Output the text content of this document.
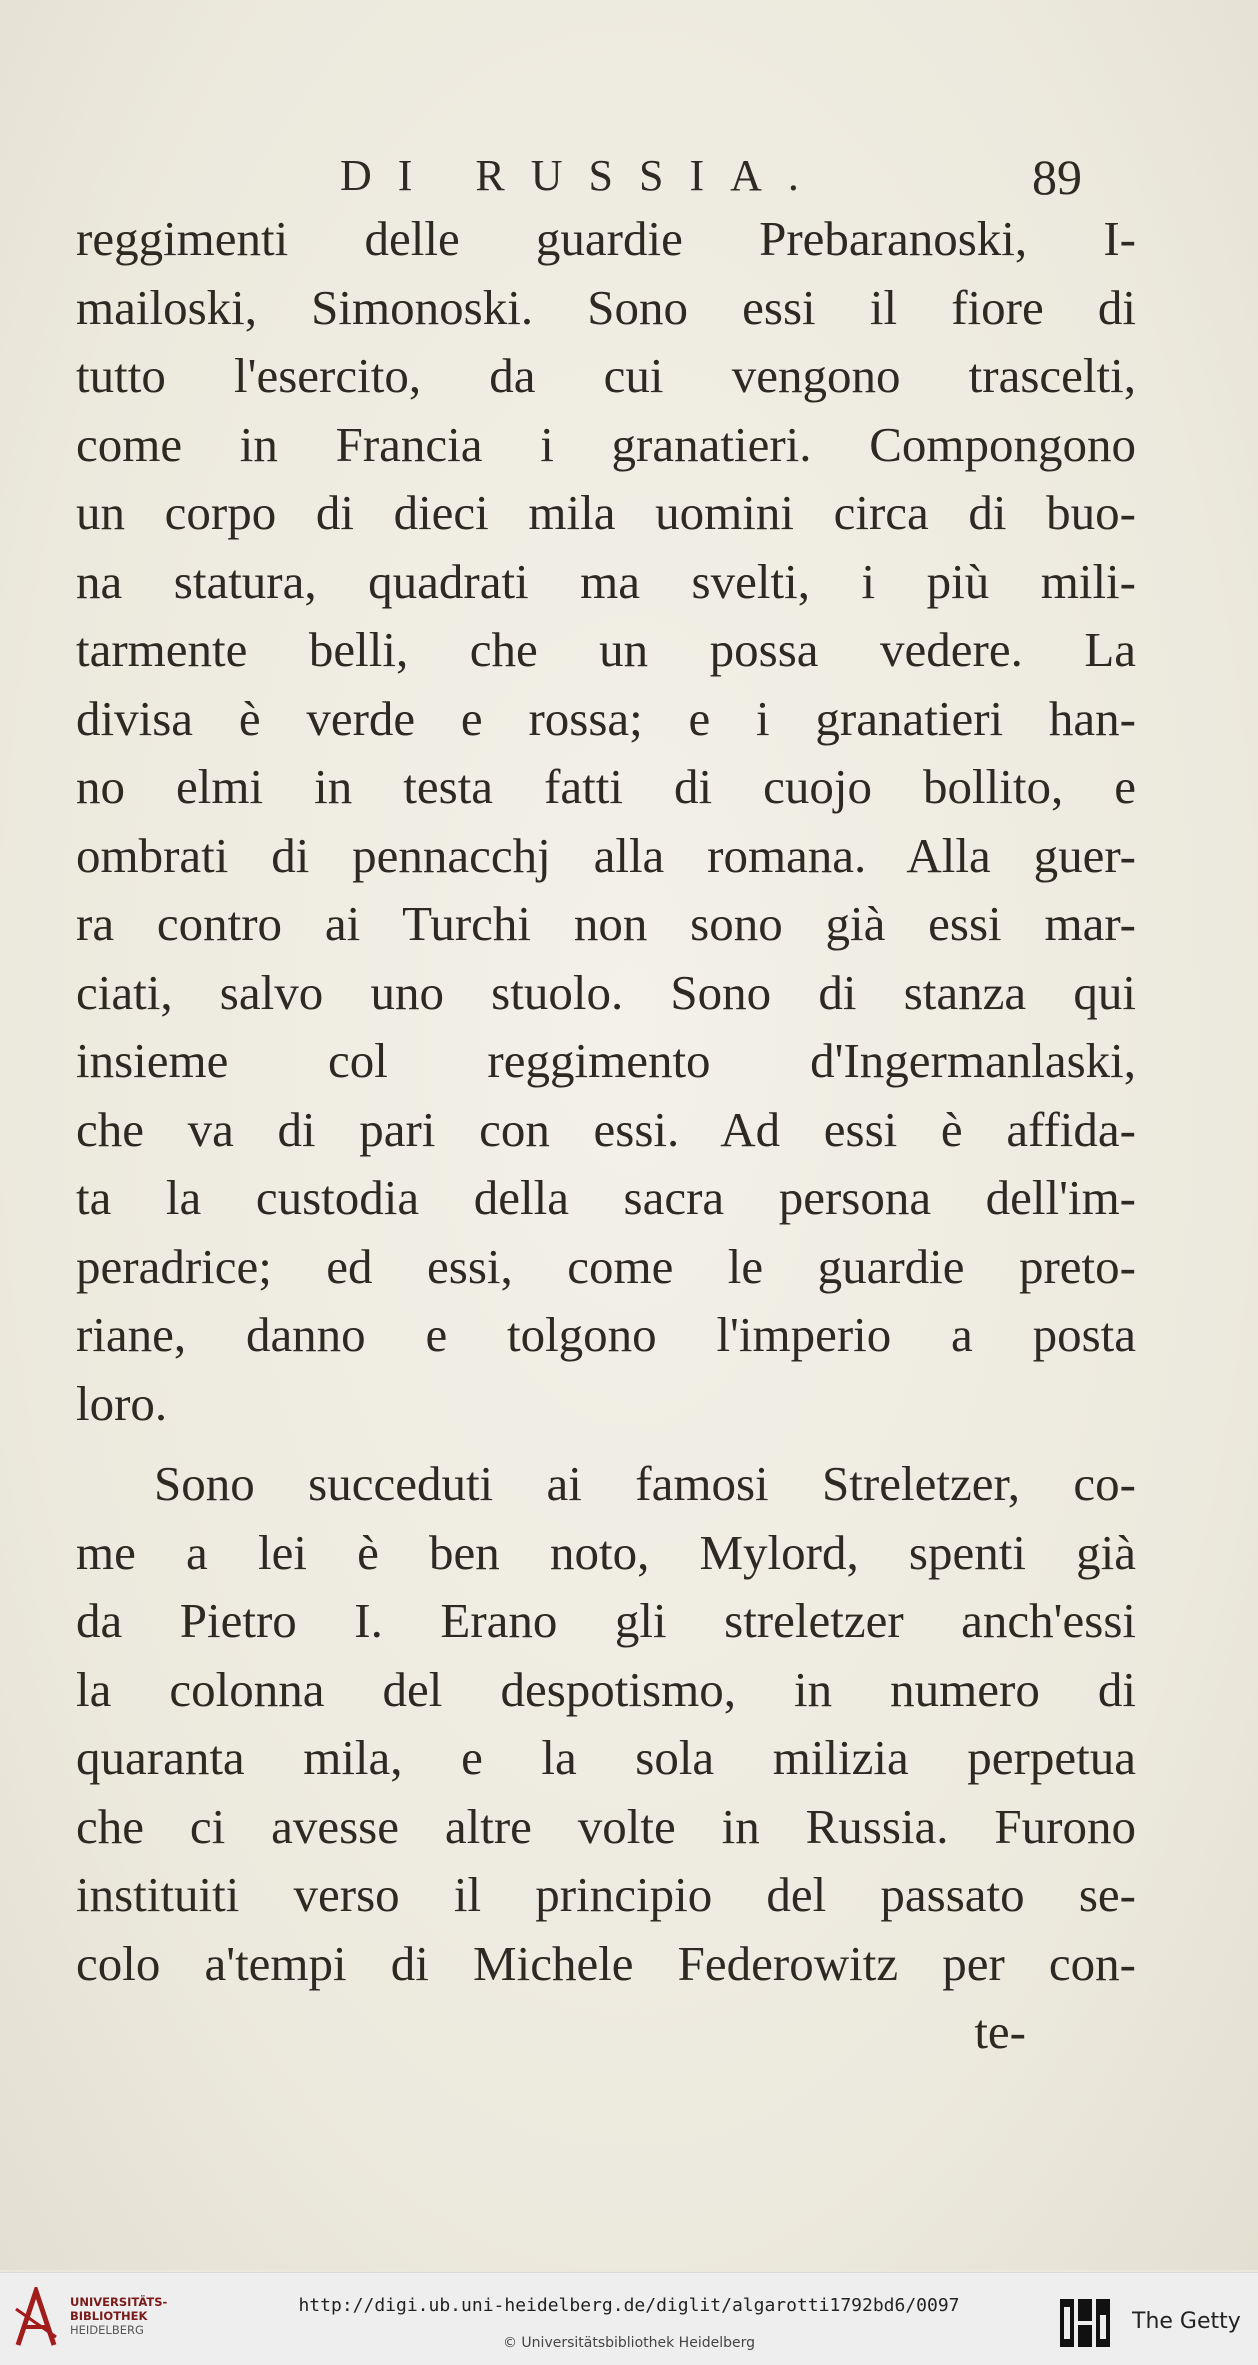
DI RUSSIA.	89
reggimenti delle guardie Prebaranoski, I-
mailoski, Simonoski. Sono essi il fiore di
tutto l'esercito, da cui vengono trascelti,
come in Francia i granatieri. Compongono
un corpo di dieci mila uomini circa di buo-
na statura, quadrati ma svelti, i più mili-
tarmente belli, che un possa vedere. La
divisa è verde e rossa; e i granatieri han-
no elmi in testa fatti di cuojo bollito, e
ombrati di pennacchj alla romana. Alla guer-
ra contro ai Turchi non sono già essi mar-
ciati, salvo uno stuolo. Sono di stanza qui
insieme col reggimento d'Ingermanlaski,
che va di pari con essi. Ad essi è affida-
ta la custodia della sacra persona dell'im-
peradrice; ed essi, come le guardie preto-
riane, danno e tolgono l'imperio a posta
loro.
Sono succeduti ai famosi Streletzer, co-
me a lei è ben noto, Mylord, spenti già
da Pietro I. Erano gli streletzer anch'essi
la colonna del despotismo, in numero di
quaranta mila, e la sola milizia perpetua
che ci avesse altre volte in Russia. Furono
instituiti verso il principio del passato se-
colo a'tempi di Michele Federowitz per con-
te-
UNIVERSITÄTS-
BIBLIOTHEK
HEIDELBERG
http://digi.ub.uni-heidelberg.de/diglit/algarotti1792bd6/0097
© Universitätsbibliothek Heidelberg
The Getty
